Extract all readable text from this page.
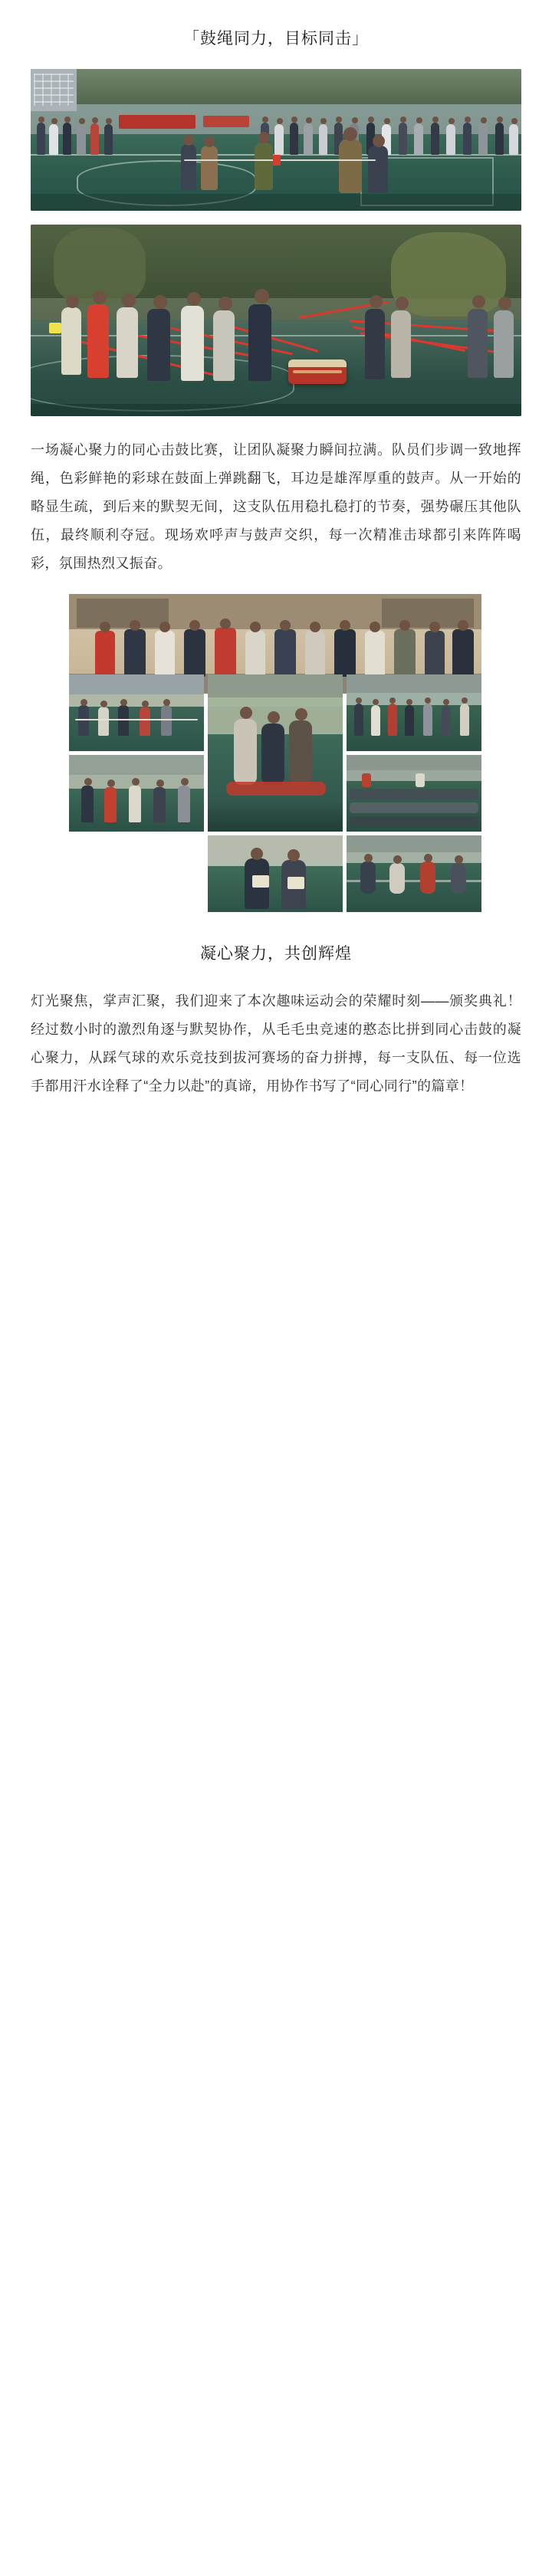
「鼓绳同力，目标同击」

一场凝心聚力的同心击鼓比赛，让团队凝聚力瞬间拉满。队员们步调一致地挥绳，色彩鲜艳的彩球在鼓面上弹跳翻飞，耳边是雄浑厚重的鼓声。从一开始的略显生疏，到后来的默契无间，这支队伍用稳扎稳打的节奏，强势碾压其他队伍，最终顺利夺冠。现场欢呼声与鼓声交织，每一次精准击球都引来阵阵喝彩，氛围热烈又振奋。

凝心聚力，共创辉煌

灯光聚焦，掌声汇聚，我们迎来了本次趣味运动会的荣耀时刻——颁奖典礼！经过数小时的激烈角逐与默契协作，从毛毛虫竞速的憨态比拼到同心击鼓的凝心聚力，从踩气球的欢乐竞技到拔河赛场的奋力拼搏，每一支队伍、每一位选手都用汗水诠释了“全力以赴”的真谛，用协作书写了“同心同行”的篇章！
